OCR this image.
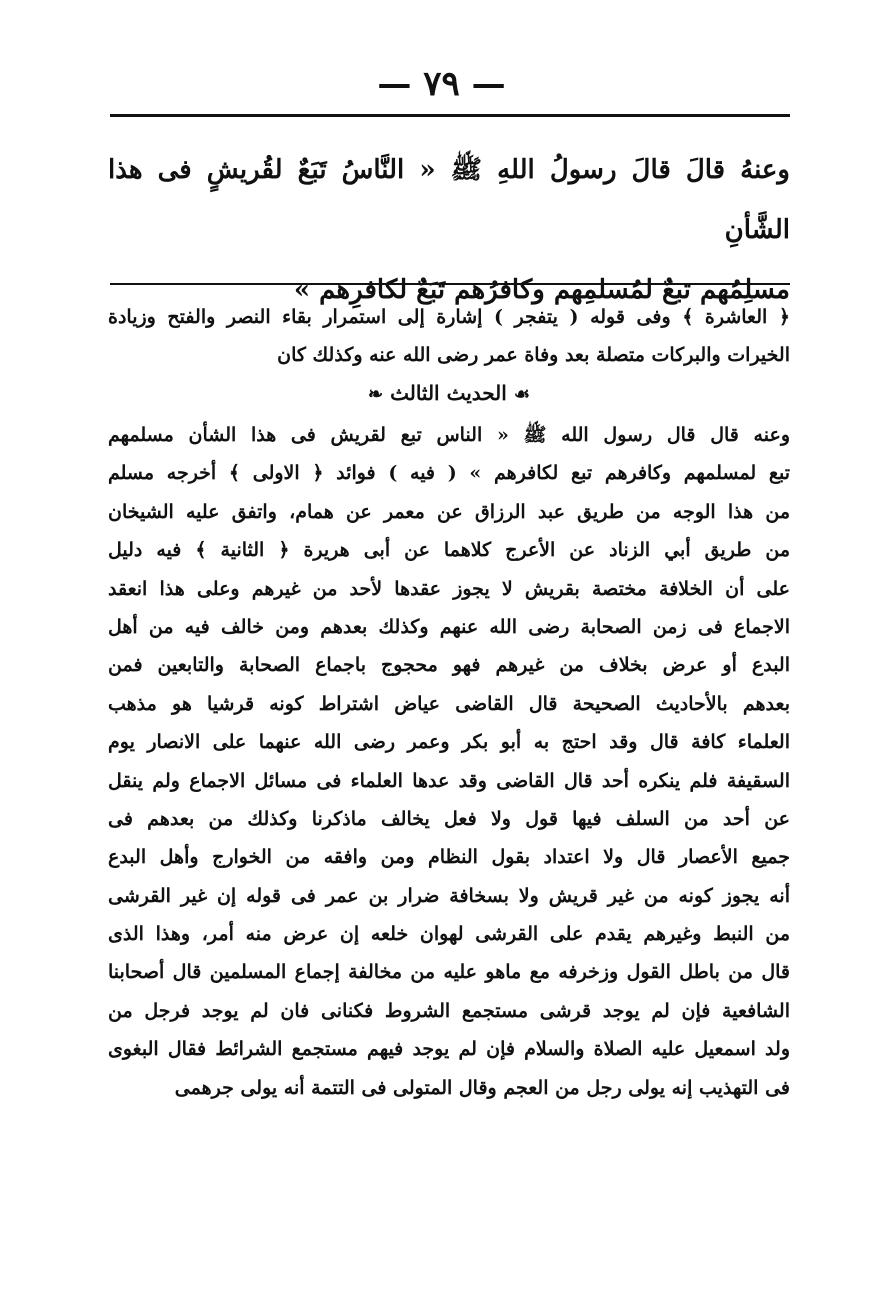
— ٧٩ —
وعنهُ قالَ قالَ رسولُ اللهِ ﷺ « النَّاسُ تَبَعٌ لقُريشٍ فى هذا الشَّأنِ
مسلِمُهم تبعٌ لمُسلمِهم وكافرُهم تَبَعٌ لكافرِهم »
﴿ العاشرة ﴾ وفى قوله ( يتفجر ) إشارة إلى استمرار بقاء النصر والفتح وزيادة
الخيرات والبركات متصلة بعد وفاة عمر رضى الله عنه وكذلك كان
☙ الحديث الثالث ❧
وعنه قال قال رسول الله ﷺ « الناس تبع لقريش فى هذا الشأن مسلمهم
تبع لمسلمهم وكافرهم تبع لكافرهم » ( فيه ) فوائد ﴿ الاولى ﴾ أخرجه مسلم
من هذا الوجه من طريق عبد الرزاق عن معمر عن همام، واتفق عليه الشيخان
من طريق أبي الزناد عن الأعرج كلاهما عن أبى هريرة ﴿ الثانية ﴾ فيه دليل
على أن الخلافة مختصة بقريش لا يجوز عقدها لأحد من غيرهم وعلى هذا انعقد
الاجماع فى زمن الصحابة رضى الله عنهم وكذلك بعدهم ومن خالف فيه من أهل
البدع أو عرض بخلاف من غيرهم فهو محجوج باجماع الصحابة والتابعين فمن
بعدهم بالأحاديث الصحيحة قال القاضى عياض اشتراط كونه قرشيا هو مذهب
العلماء كافة قال وقد احتج به أبو بكر وعمر رضى الله عنهما على الانصار يوم
السقيفة فلم ينكره أحد قال القاضى وقد عدها العلماء فى مسائل الاجماع ولم ينقل
عن أحد من السلف فيها قول ولا فعل يخالف ماذكرنا وكذلك من بعدهم فى
جميع الأعصار قال ولا اعتداد بقول النظام ومن وافقه من الخوارج وأهل البدع
أنه يجوز كونه من غير قريش ولا بسخافة ضرار بن عمر فى قوله إن غير القرشى
من النبط وغيرهم يقدم على القرشى لهوان خلعه إن عرض منه أمر، وهذا الذى
قال من باطل القول وزخرفه مع ماهو عليه من مخالفة إجماع المسلمين قال أصحابنا
الشافعية فإن لم يوجد قرشى مستجمع الشروط فكنانى فان لم يوجد فرجل من
ولد اسمعيل عليه الصلاة والسلام فإن لم يوجد فيهم مستجمع الشرائط فقال البغوى
فى التهذيب إنه يولى رجل من العجم وقال المتولى فى التتمة أنه يولى جرهمى
